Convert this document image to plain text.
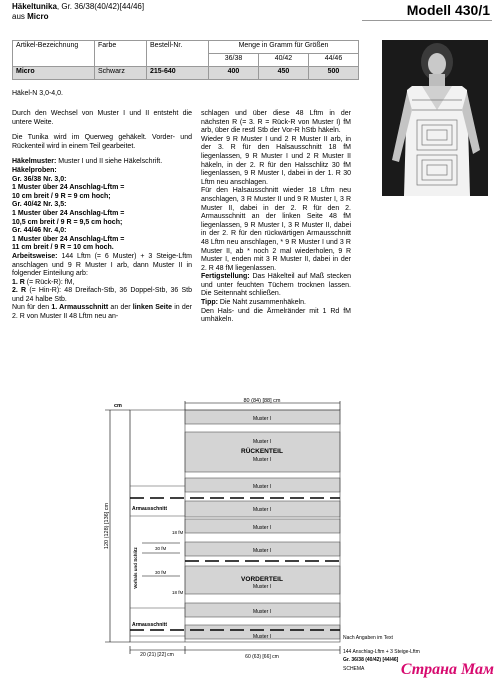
Häkeltunika, Gr. 36/38(40/42)[44/46]
aus Micro	Modell 430/1
Artikel-Bezeichnung	Farbe	Bestell-Nr.	Menge in Gramm für Größen		
			36/38	40/42	44/46
Micro	Schwarz	215-640	400	450	500
Häkel-N 3,0-4,0.

Durch den Wechsel von Muster I und II entsteht die untere Weite.

Die Tunika wird im Querweg gehäkelt. Vorder- und Rückenteil wird in einem Teil gearbeitet.

Häkelmuster: Muster I und II siehe Häkelschrift.
Häkelproben:
Gr. 36/38 Nr. 3,0:
1 Muster über 24 Anschlag-Lftm =
10 cm breit / 9 R = 9 cm hoch;
Gr. 40/42 Nr. 3,5:
1 Muster über 24 Anschlag-Lftm =
10,5 cm breit / 9 R = 9,5 cm hoch;
Gr. 44/46 Nr. 4,0:
1 Muster über 24 Anschlag-Lftm =
11 cm breit / 9 R = 10 cm hoch.
Arbeitsweise: 144 Lftm (= 6 Muster) + 3 Steige-Lftm anschlagen und 9 R Muster I arb, dann Muster II in folgender Einteilung arb:
1. R (= Rück-R): fM,
2. R (= Hin-R): 48 Dreifach-Stb, 36 Doppel-Stb, 36 Stb und 24 halbe Stb.
Nun für den 1. Armausschnitt an der linken Seite in der 2. R von Muster II 48 Lftm neu an-
schlagen und über diese 48 Lftm in der nächsten R (= 3. R = Rück-R von Muster I) fM arb, über die restl Stb der Vor-R hStb häkeln.
Wieder 9 R Muster I und 2 R Muster II arb, in der 3. R für den Halsausschnitt 18 fM liegenlassen, 9 R Muster I und 2 R Muster II häkeln, in der 2. R für den Halsschlitz 30 fM liegenlassen, 9 R Muster I, dabei in der 1. R 30 Lftm neu anschlagen.
Für den Halsausschnitt wieder 18 Lftm neu anschlagen, 3 R Muster II und 9 R Muster I, 3 R Muster II, dabei in der 2. R für den 2. Armausschnitt an der linken Seite 48 fM liegenlassen, 9 R Muster I, 3 R Muster II, dabei in der 2. R für den rückwärtigen Armausschnitt 48 Lftm neu anschlagen, * 9 R Muster I und 3 R Muster II, ab * noch 2 mal wiederholen, 9 R Muster I, enden mit 3 R Muster II, dabei in der 2. R 48 fM liegenlassen.
Fertigstellung: Das Häkelteil auf Maß stecken und unter feuchten Tüchern trocknen lassen. Die Seitennaht schließen.
Tipp: Die Naht zusammenhäkeln.
Den Hals- und die Ärmelränder mit 1 Rd fM umhäkeln.
cm
80 (84) [88] cm
120 (128) [136] cm
Muster I
Muster I
Muster I
Muster I
Muster I
Muster I
Muster I
Muster I
Muster I
Muster I
RÜCKENTEIL
VORDERTEIL
Armausschnitt
Armausschnitt
18 fM
30 fM
30 fM
18 fM
Vorhals und Schlitz
20 (21) [22] cm	60 (63) [66] cm
Nach Angaben im Text
144 Anschlag-Lftm + 3 Steige-Lftm
Gr. 36/38 (40/42) [44/46]
SCHEMA Страна Мам
